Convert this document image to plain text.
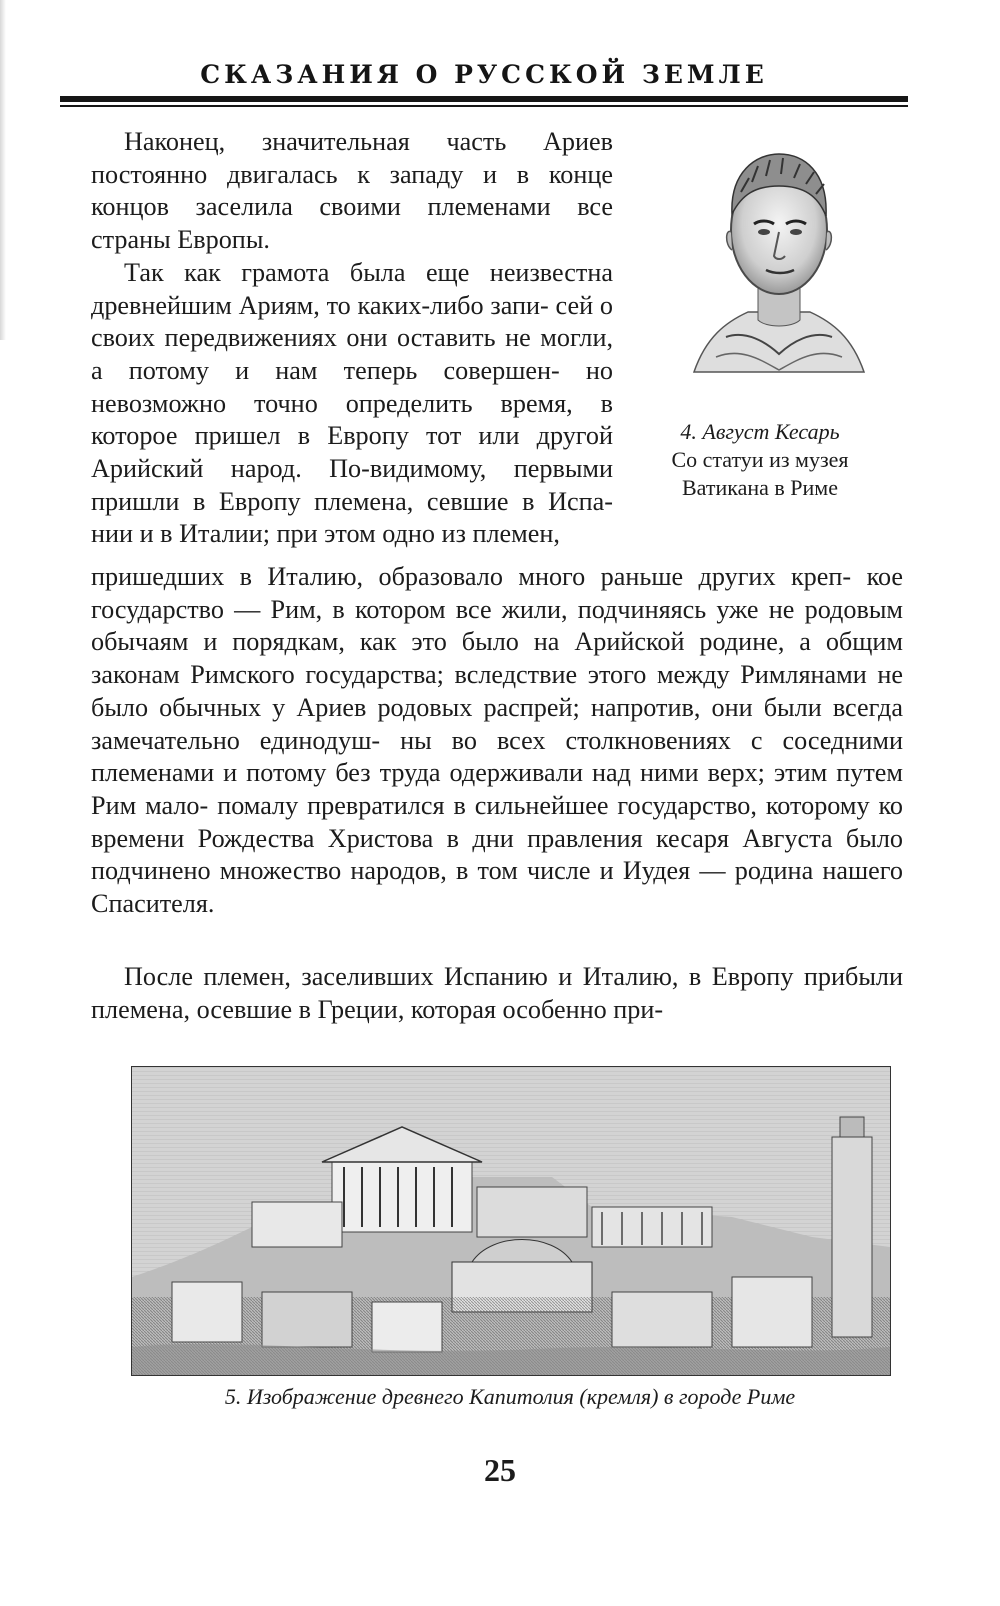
СКАЗАНИЯ О РУССКОЙ ЗЕМЛЕ

Наконец, значительная часть Ариев постоянно двигалась к западу и в конце концов заселила своими племенами все страны Европы.

Так как грамота была еще неизвестна древнейшим Ариям, то каких-либо запи- сей о своих передвижениях они оставить не могли, а потому и нам теперь совершен- но невозможно точно определить время, в которое пришел в Европу тот или другой Арийский народ. По-видимому, первыми пришли в Европу племена, севшие в Испа- нии и в Италии; при этом одно из племен,

4. Август Кесарь
Со статуи из музея
Ватикана в Риме

пришедших в Италию, образовало много раньше других креп- кое государство — Рим, в котором все жили, подчиняясь уже не родовым обычаям и порядкам, как это было на Арийской родине, а общим законам Римского государства; вследствие этого между Римлянами не было обычных у Ариев родовых распрей; напротив, они были всегда замечательно единодуш- ны во всех столкновениях с соседними племенами и потому без труда одерживали над ними верх; этим путем Рим мало- помалу превратился в сильнейшее государство, которому ко времени Рождества Христова в дни правления кесаря Августа было подчинено множество народов, в том числе и Иудея — родина нашего Спасителя.

После племен, заселивших Испанию и Италию, в Европу прибыли племена, осевшие в Греции, которая особенно при-

5. Изображение древнего Капитолия (кремля) в городе Риме
25
